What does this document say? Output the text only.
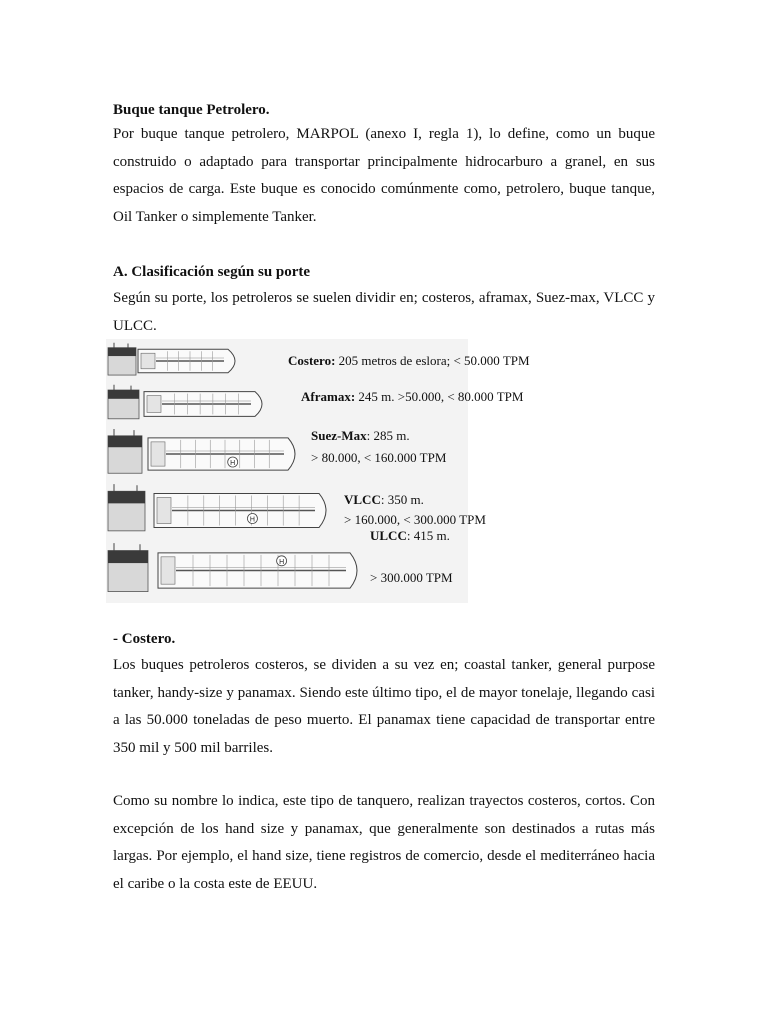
Buque tanque Petrolero.

Por buque tanque petrolero, MARPOL (anexo I, regla 1), lo define, como un buque construido o adaptado para transportar principalmente hidrocarburo a granel, en sus espacios de carga. Este buque es conocido comúnmente como, petrolero, buque tanque, Oil Tanker o simplemente Tanker.

A. Clasificación según su porte

Según su porte, los petroleros se suelen dividir en; costeros, aframax, Suez-max, VLCC y ULCC.

Costero: 205 metros de eslora; < 50.000 TPM
Aframax: 245 m. >50.000, < 80.000 TPM
H
Suez-Max: 285 m.
> 80.000, < 160.000 TPM
H
VLCC: 350 m.
> 160.000, < 300.000 TPM
H
ULCC: 415 m.
> 300.000 TPM
- Costero.

Los buques petroleros costeros, se dividen a su vez en; coastal tanker, general purpose tanker, handy-size y panamax. Siendo este último tipo, el de mayor tonelaje, llegando casi a las 50.000 toneladas de peso muerto. El panamax tiene capacidad de transportar entre 350 mil y 500 mil barriles.

Como su nombre lo indica, este tipo de tanquero, realizan trayectos costeros, cortos. Con excepción de los hand size y panamax, que generalmente son destinados a rutas más largas. Por ejemplo, el hand size, tiene registros de comercio, desde el mediterráneo hacia el caribe o la costa este de EEUU.
